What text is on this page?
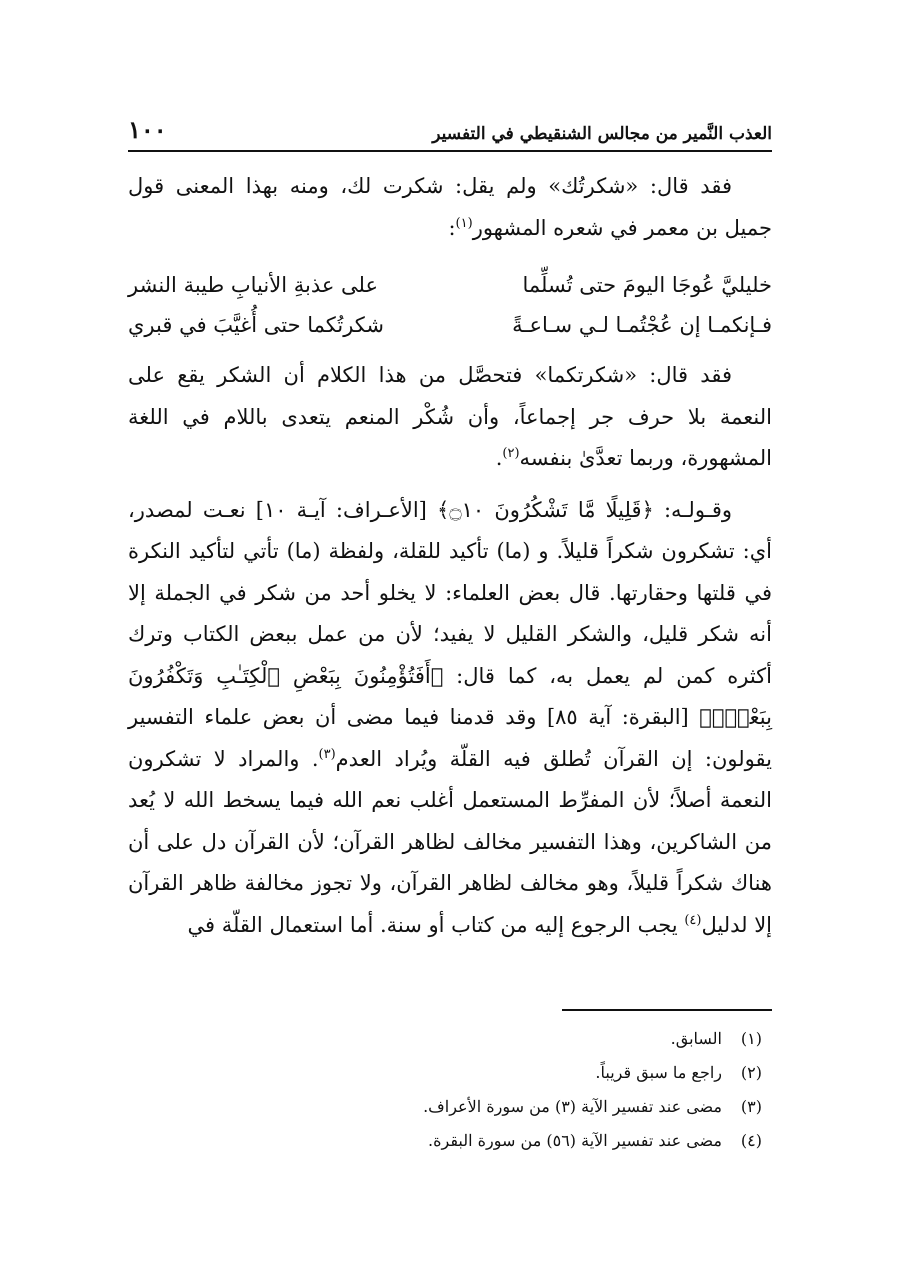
العذب النَّمير من مجالس الشنقيطي في التفسير
١٠٠

فقد قال: «شكرتُك» ولم يقل: شكرت لك، ومنه بهذا المعنى قول جميل بن معمر في شعره المشهور$^{(١)}$:

خليليَّ عُوجَا اليومَ حتى تُسلِّما
على عذبةِ الأنيابِ طيبة النشر
فـإنكمـا إن عُجْتُمـا لـي سـاعـةً
شكرتُكما حتى أُغيَّبَ في قبري

فقد قال: «شكرتكما» فتحصَّل من هذا الكلام أن الشكر يقع على النعمة بلا حرف جر إجماعاً، وأن شُكْر المنعم يتعدى باللام في اللغة المشهورة، وربما تعدَّىٰ بنفسه$^{(٢)}$.

وقـولـه: ﴿قَلِيلًا مَّا تَشْكُرُونَ ۝١٠﴾ [الأعـراف: آيـة ١٠] نعـت لمصدر، أي: تشكرون شكراً قليلاً. و (ما) تأكيد للقلة، ولفظة (ما) تأتي لتأكيد النكرة في قلتها وحقارتها. قال بعض العلماء: لا يخلو أحد من شكر في الجملة إلا أنه شكر قليل، والشكر القليل لا يفيد؛ لأن من عمل ببعض الكتاب وترك أكثره كمن لم يعمل به، كما قال: ﴿أَفَتُؤْمِنُونَ بِبَعْضِ ٱلْكِتَـٰبِ وَتَكْفُرُونَ بِبَعْضٍۚ﴾ [البقرة: آية ٨٥] وقد قدمنا فيما مضى أن بعض علماء التفسير يقولون: إن القرآن تُطلق فيه القلّة ويُراد العدم$^{(٣)}$. والمراد لا تشكرون النعمة أصلاً؛ لأن المفرِّط المستعمل أغلب نعم الله فيما يسخط الله لا يُعد من الشاكرين، وهذا التفسير مخالف لظاهر القرآن؛ لأن القرآن دل على أن هناك شكراً قليلاً، وهو مخالف لظاهر القرآن، ولا تجوز مخالفة ظاهر القرآن إلا لدليل$^{(٤)}$ يجب الرجوع إليه من كتاب أو سنة. أما استعمال القلّة في

(١)
السابق.
(٢)
راجع ما سبق قريباً.
(٣)
مضى عند تفسير الآية (٣) من سورة الأعراف.
(٤)
مضى عند تفسير الآية (٥٦) من سورة البقرة.
